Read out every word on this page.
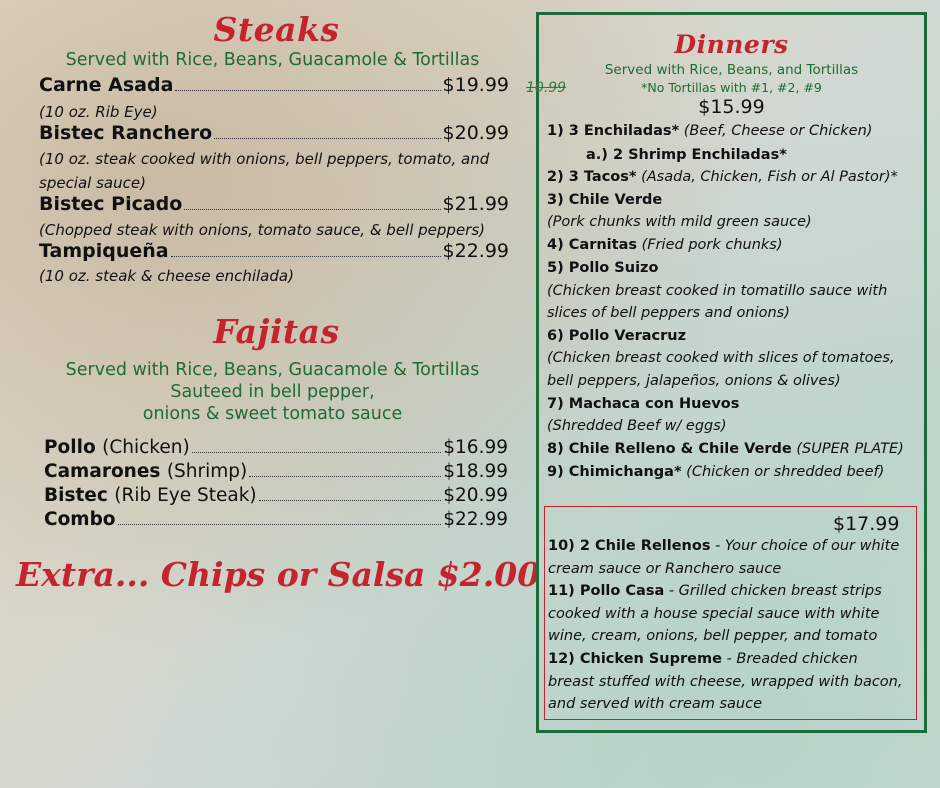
Steaks
Served with Rice, Beans, Guacamole & Tortillas
Carne Asada	$19.99
(10 oz. Rib Eye)
Bistec Ranchero	$20.99
(10 oz. steak cooked with onions, bell peppers, tomato, and
special sauce)
Bistec Picado	$21.99
(Chopped steak with onions, tomato sauce, & bell peppers)
Tampiqueña	$22.99
(10 oz. steak & cheese enchilada)
Fajitas
Served with Rice, Beans, Guacamole & Tortillas
Sauteed in bell pepper,
onions & sweet tomato sauce
Pollo (Chicken)	$16.99
Camarones (Shrimp)	$18.99
Bistec (Rib Eye Steak)	$20.99
Combo	$22.99
Extra... Chips or Salsa $2.00
Dinners
Served with Rice, Beans, and Tortillas
*No Tortillas with #1, #2, #9
10.99
$15.99
1) 3 Enchiladas* (Beef, Cheese or Chicken)
a.) 2 Shrimp Enchiladas*
2) 3 Tacos* (Asada, Chicken, Fish or Al Pastor)*
3) Chile Verde
(Pork chunks with mild green sauce)
4) Carnitas (Fried pork chunks)
5) Pollo Suizo
(Chicken breast cooked in tomatillo sauce with
slices of bell peppers and onions)
6) Pollo Veracruz
(Chicken breast cooked with slices of tomatoes,
bell peppers, jalapeños, onions & olives)
7) Machaca con Huevos
(Shredded Beef w/ eggs)
8) Chile Relleno & Chile Verde (SUPER PLATE)
9) Chimichanga* (Chicken or shredded beef)
$17.99
10) 2 Chile Rellenos - Your choice of our white
cream sauce or Ranchero sauce
11) Pollo Casa - Grilled chicken breast strips
cooked with a house special sauce with white
wine, cream, onions, bell pepper, and tomato
12) Chicken Supreme - Breaded chicken
breast stuffed with cheese, wrapped with bacon,
and served with cream sauce
